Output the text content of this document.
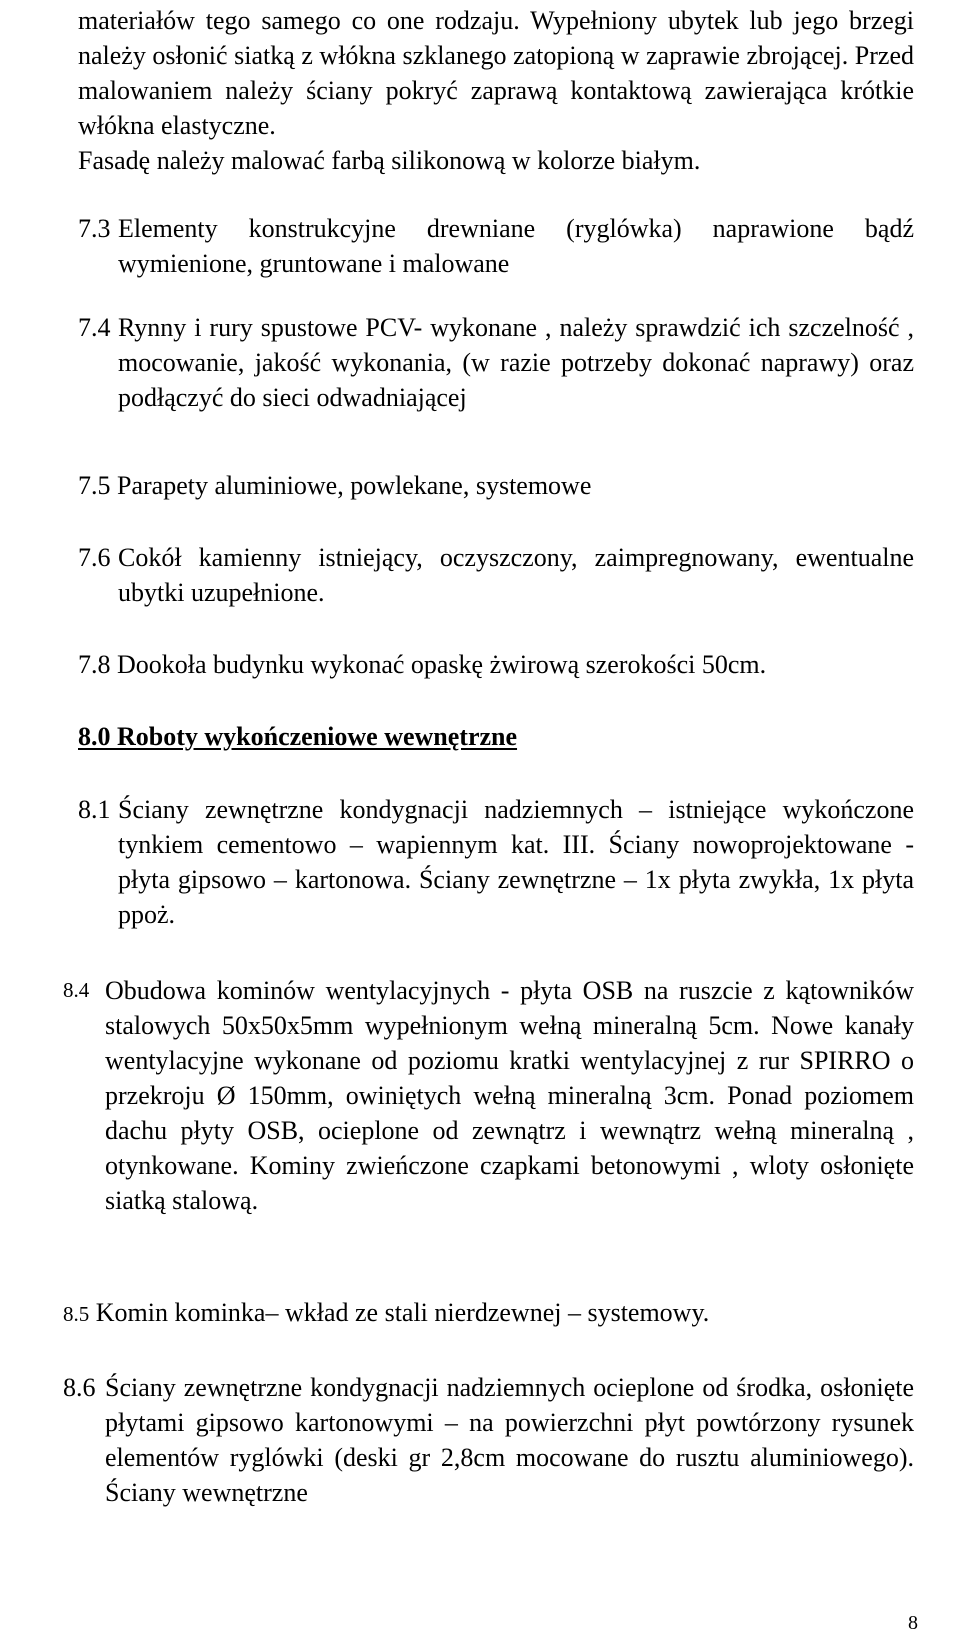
materiałów tego samego co one rodzaju. Wypełniony ubytek lub jego brzegi należy osłonić siatką z włókna szklanego zatopioną w zaprawie zbrojącej. Przed malowaniem należy ściany pokryć zaprawą kontaktową zawierająca krótkie włókna elastyczne.
Fasadę należy malować farbą silikonową w kolorze białym.
7.3 Elementy konstrukcyjne drewniane (ryglówka) naprawione bądź wymienione, gruntowane i malowane
7.4 Rynny i rury spustowe PCV- wykonane , należy sprawdzić ich szczelność , mocowanie, jakość wykonania, (w razie potrzeby dokonać naprawy) oraz podłączyć do sieci odwadniającej
7.5 Parapety aluminiowe, powlekane, systemowe
7.6 Cokół kamienny istniejący, oczyszczony, zaimpregnowany, ewentualne ubytki uzupełnione.
7.8 Dookoła budynku wykonać opaskę żwirową szerokości 50cm.
8.0 Roboty wykończeniowe wewnętrzne
8.1 Ściany zewnętrzne kondygnacji nadziemnych – istniejące wykończone tynkiem cementowo – wapiennym kat. III. Ściany nowoprojektowane - płyta gipsowo – kartonowa. Ściany zewnętrzne – 1x płyta zwykła, 1x płyta ppoż.
8.4 Obudowa kominów wentylacyjnych - płyta OSB na ruszcie z kątowników stalowych 50x50x5mm wypełnionym wełną mineralną 5cm. Nowe kanały wentylacyjne wykonane od poziomu kratki wentylacyjnej z rur SPIRRO o przekroju Ø 150mm, owiniętych wełną mineralną 3cm. Ponad poziomem dachu płyty OSB, ocieplone od zewnątrz i wewnątrz wełną mineralną , otynkowane. Kominy zwieńczone czapkami betonowymi , wloty osłonięte siatką stalową.
8.5 Komin kominka– wkład ze stali nierdzewnej – systemowy.
8.6 Ściany zewnętrzne kondygnacji nadziemnych ocieplone od środka, osłonięte płytami gipsowo kartonowymi – na powierzchni płyt powtórzony rysunek elementów ryglówki (deski gr 2,8cm mocowane do rusztu aluminiowego). Ściany wewnętrzne
8
